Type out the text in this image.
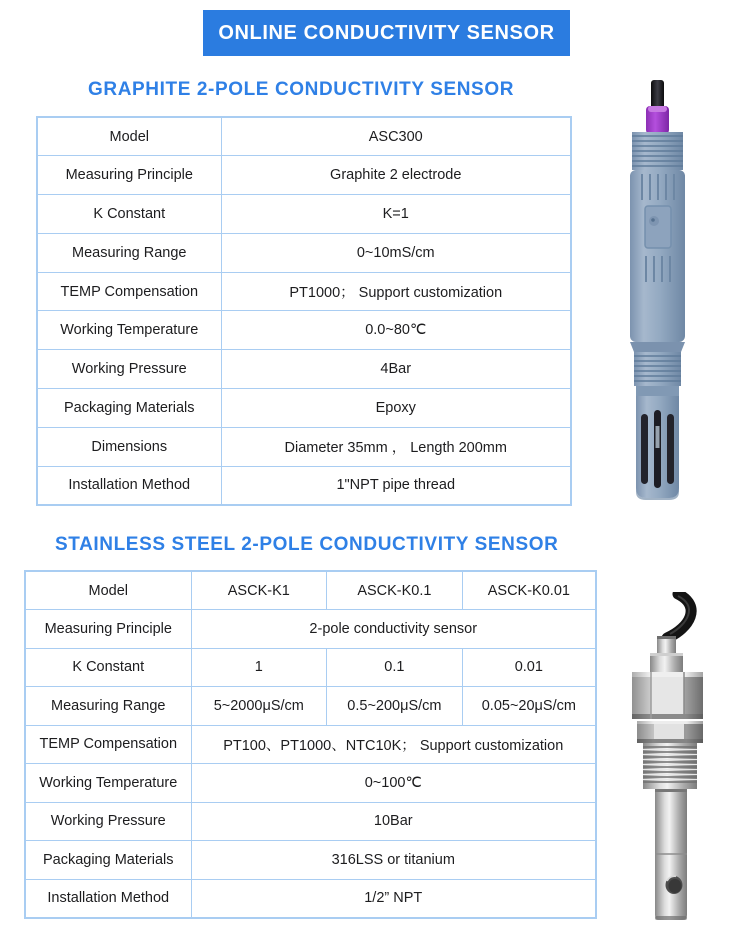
ONLINE CONDUCTIVITY SENSOR
GRAPHITE 2-POLE CONDUCTIVITY SENSOR
Model	ASC300
Measuring Principle	Graphite 2 electrode
K Constant	K=1
Measuring Range	0~10mS/cm
TEMP Compensation	PT1000； Support customization
Working Temperature	0.0~80℃
Working Pressure	4Bar
Packaging Materials	Epoxy
Dimensions	Diameter 35mm ， Length 200mm
Installation Method	1"NPT pipe thread
STAINLESS STEEL 2-POLE CONDUCTIVITY SENSOR
Model	ASCK-K1	ASCK-K0.1	ASCK-K0.01
Measuring Principle	2-pole conductivity sensor		
K Constant	1	0.1	0.01
Measuring Range	5~2000μS/cm	0.5~200μS/cm	0.05~20μS/cm
TEMP Compensation	PT100、PT1000、NTC10K； Support customization		
Working Temperature	0~100℃		
Working Pressure	10Bar		
Packaging Materials	316LSS or titanium		
Installation Method	1/2” NPT		
